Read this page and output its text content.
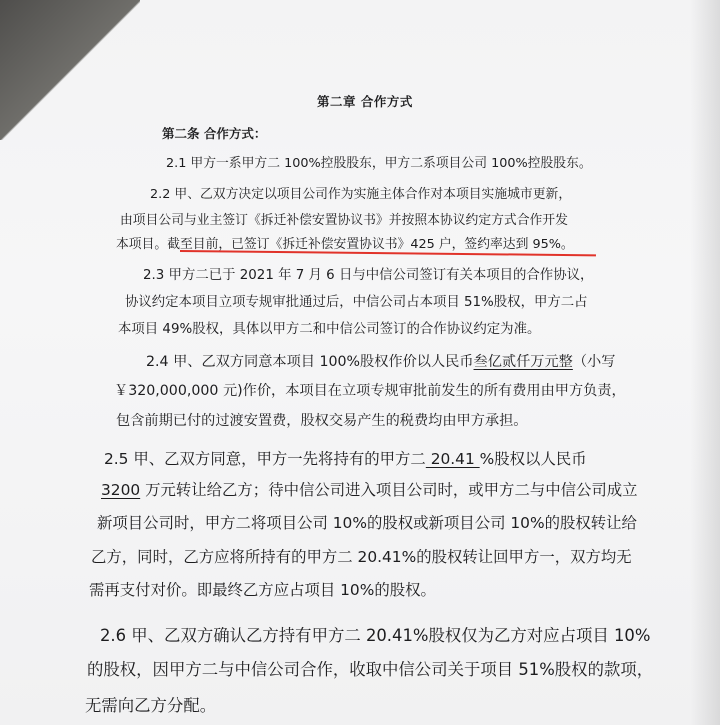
第二章 合作方式
第二条 合作方式：
2.1 甲方一系甲方二 100%控股股东，甲方二系项目公司 100%控股股东。
2.2 甲、乙双方决定以项目公司作为实施主体合作对本项目实施城市更新，
由项目公司与业主签订《拆迁补偿安置协议书》并按照本协议约定方式合作开发
本项目。截至目前，已签订《拆迁补偿安置协议书》425 户，签约率达到 95%。
2.3 甲方二已于 2021 年 7 月 6 日与中信公司签订有关本项目的合作协议，
协议约定本项目立项专规审批通过后，中信公司占本项目 51%股权，甲方二占
本项目 49%股权，具体以甲方二和中信公司签订的合作协议约定为准。
2.4 甲、乙双方同意本项目 100%股权作价以人民币叁亿贰仟万元整（小写
￥320,000,000 元)作价，本项目在立项专规审批前发生的所有费用由甲方负责，
包含前期已付的过渡安置费，股权交易产生的税费均由甲方承担。
2.5 甲、乙双方同意，甲方一先将持有的甲方二 20.41 %股权以人民币
3200 万元转让给乙方；待中信公司进入项目公司时，或甲方二与中信公司成立
新项目公司时，甲方二将项目公司 10%的股权或新项目公司 10%的股权转让给
乙方，同时，乙方应将所持有的甲方二 20.41%的股权转让回甲方一，双方均无
需再支付对价。即最终乙方应占项目 10%的股权。
2.6 甲、乙双方确认乙方持有甲方二 20.41%股权仅为乙方对应占项目 10%
的股权，因甲方二与中信公司合作，收取中信公司关于项目 51%股权的款项，
无需向乙方分配。
